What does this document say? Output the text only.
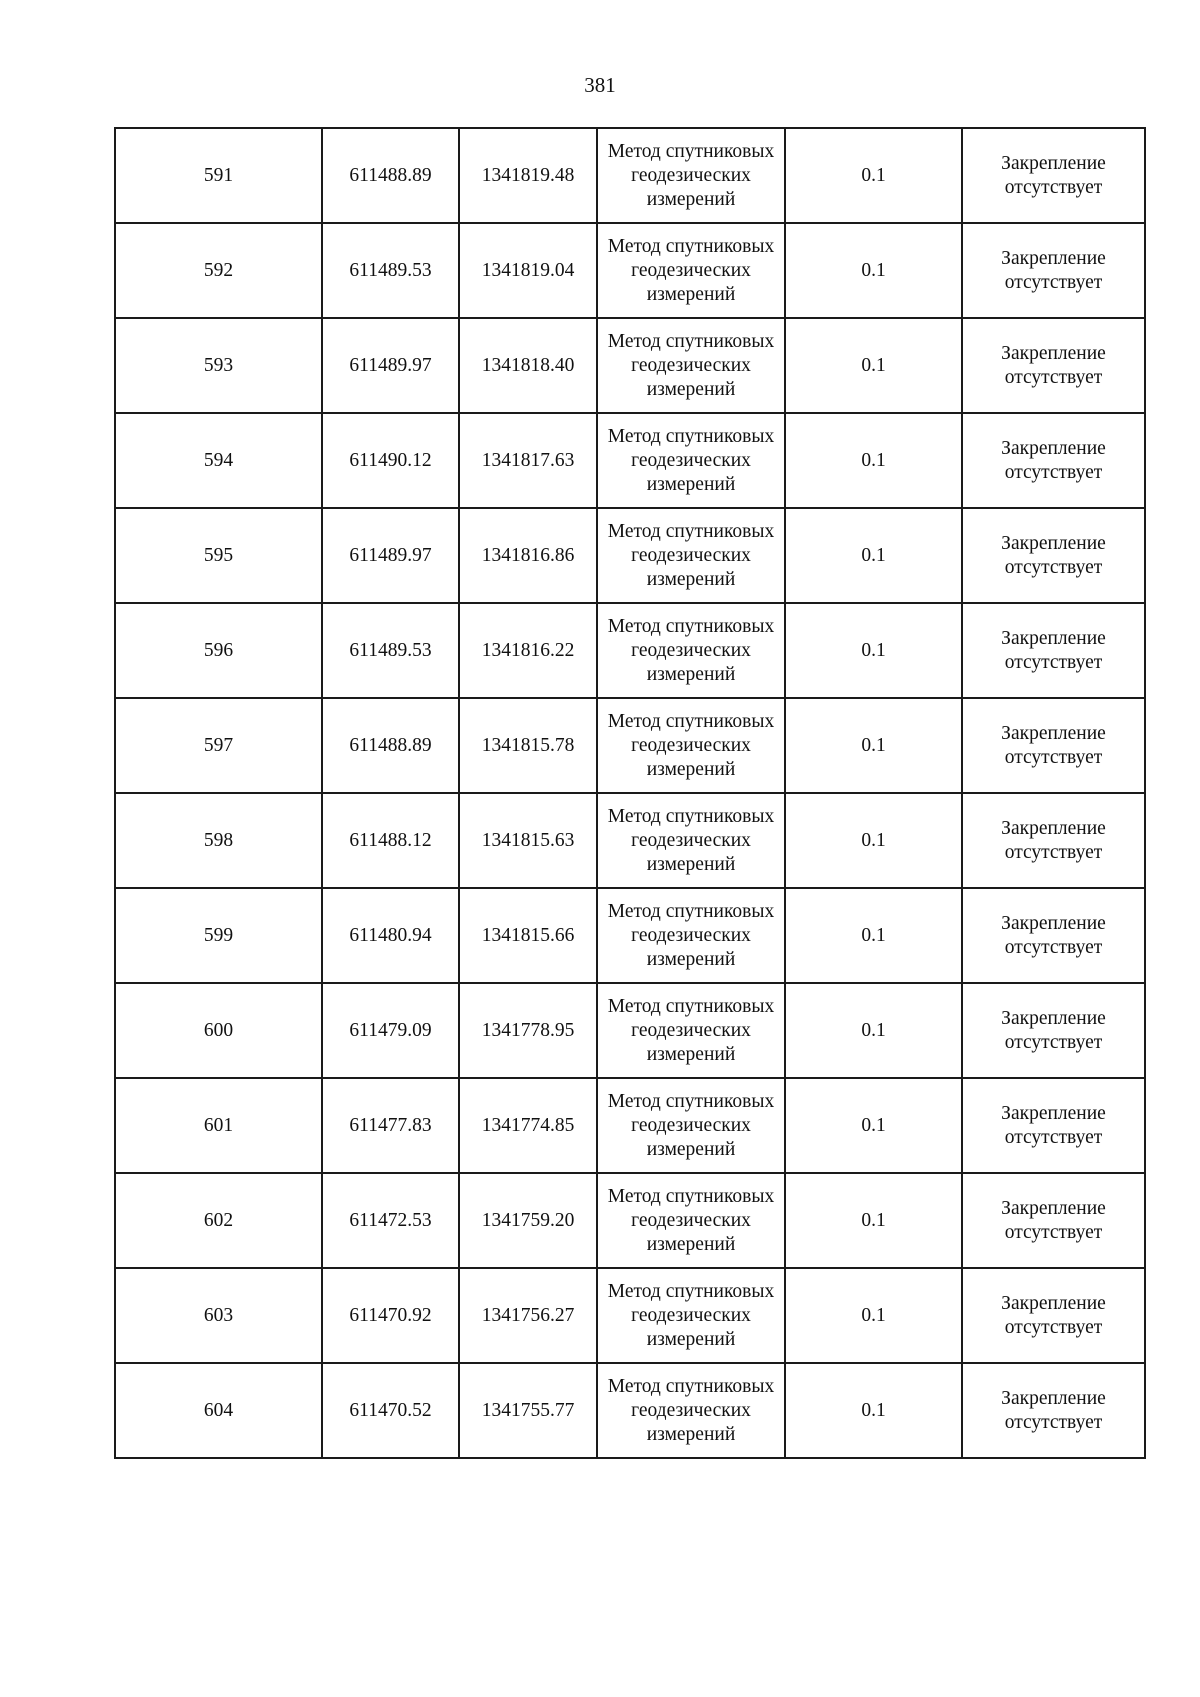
381
591	611488.89	1341819.48	Метод спутниковых геодезических измерений	0.1	Закрепление отсутствует
592	611489.53	1341819.04	Метод спутниковых геодезических измерений	0.1	Закрепление отсутствует
593	611489.97	1341818.40	Метод спутниковых геодезических измерений	0.1	Закрепление отсутствует
594	611490.12	1341817.63	Метод спутниковых геодезических измерений	0.1	Закрепление отсутствует
595	611489.97	1341816.86	Метод спутниковых геодезических измерений	0.1	Закрепление отсутствует
596	611489.53	1341816.22	Метод спутниковых геодезических измерений	0.1	Закрепление отсутствует
597	611488.89	1341815.78	Метод спутниковых геодезических измерений	0.1	Закрепление отсутствует
598	611488.12	1341815.63	Метод спутниковых геодезических измерений	0.1	Закрепление отсутствует
599	611480.94	1341815.66	Метод спутниковых геодезических измерений	0.1	Закрепление отсутствует
600	611479.09	1341778.95	Метод спутниковых геодезических измерений	0.1	Закрепление отсутствует
601	611477.83	1341774.85	Метод спутниковых геодезических измерений	0.1	Закрепление отсутствует
602	611472.53	1341759.20	Метод спутниковых геодезических измерений	0.1	Закрепление отсутствует
603	611470.92	1341756.27	Метод спутниковых геодезических измерений	0.1	Закрепление отсутствует
604	611470.52	1341755.77	Метод спутниковых геодезических измерений	0.1	Закрепление отсутствует
